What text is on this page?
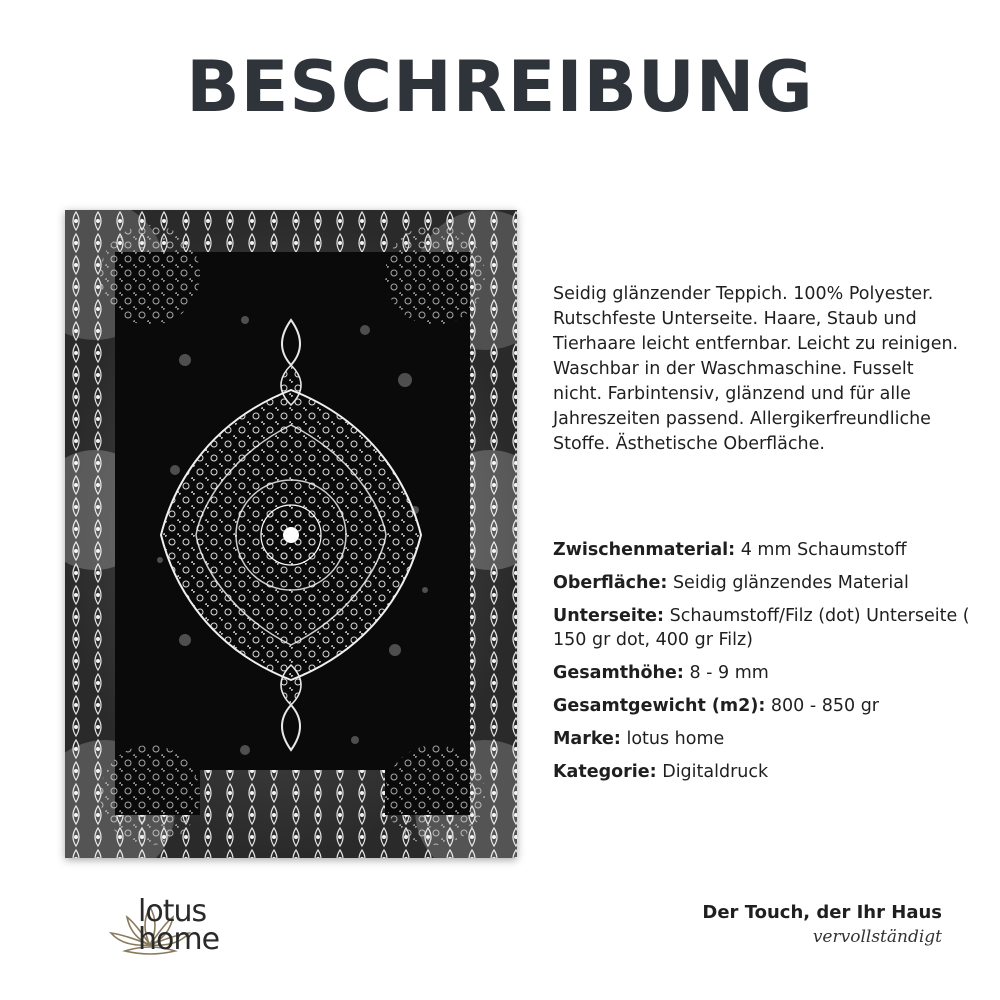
BESCHREIBUNG

Seidig glänzender Teppich. 100% Polyester. Rutschfeste Unterseite. Haare, Staub und Tierhaare leicht entfernbar. Leicht zu reinigen. Waschbar in der Waschmaschine. Fusselt nicht. Farbintensiv, glänzend und für alle Jahreszeiten passend. Allergikerfreundliche Stoffe. Ästhetische Oberfläche.

Zwischenmaterial: 4 mm Schaumstoff

Oberfläche: Seidig glänzendes Material

Unterseite: Schaumstoff/Filz (dot) Unterseite ( 150 gr dot, 400 gr Filz)

Gesamthöhe: 8 - 9 mm

Gesamtgewicht (m2): 800 - 850 gr

Marke: lotus home

Kategorie: Digitaldruck

lotus
home
Der Touch, der Ihr Haus
vervollständigt
